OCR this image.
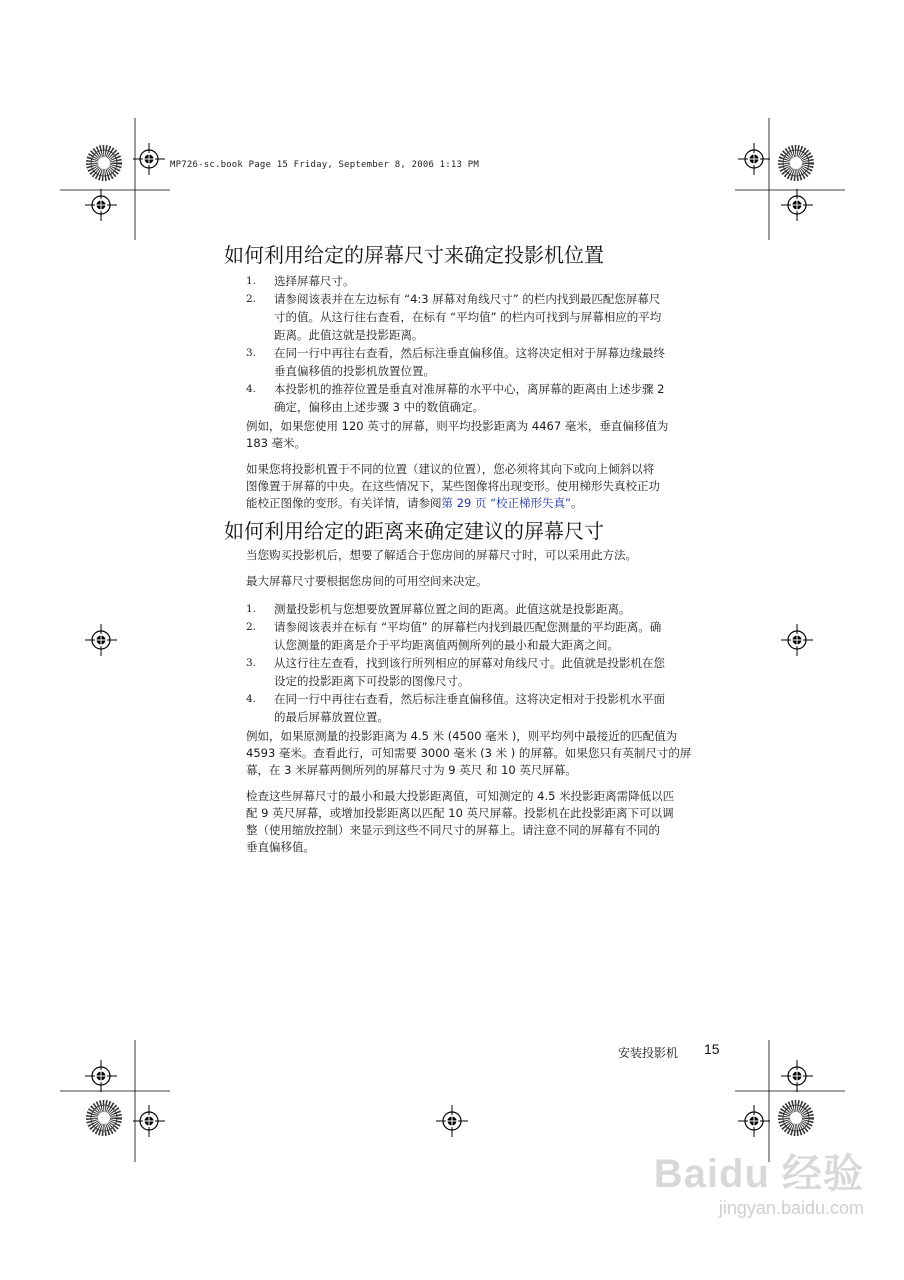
MP726-sc.book Page 15 Friday, September 8, 2006 1:13 PM
如何利用给定的屏幕尺寸来确定投影机位置
1. 选择屏幕尺寸。
2. 请参阅该表并在左边标有 “4:3 屏幕对角线尺寸” 的栏内找到最匹配您屏幕尺
寸的值。从这行往右查看，在标有 “平均值” 的栏内可找到与屏幕相应的平均
距离。此值这就是投影距离。
3. 在同一行中再往右查看，然后标注垂直偏移值。这将决定相对于屏幕边缘最终
垂直偏移值的投影机放置位置。
4. 本投影机的推荐位置是垂直对准屏幕的水平中心，离屏幕的距离由上述步骤 2
确定，偏移由上述步骤 3 中的数值确定。
例如，如果您使用 120 英寸的屏幕，则平均投影距离为 4467 毫米，垂直偏移值为
183 毫米。
如果您将投影机置于不同的位置（建议的位置），您必须将其向下或向上倾斜以将
图像置于屏幕的中央。在这些情况下，某些图像将出现变形。使用梯形失真校正功
能校正图像的变形。有关详情，请参阅第 29 页 “校正梯形失真”。
如何利用给定的距离来确定建议的屏幕尺寸
当您购买投影机后，想要了解适合于您房间的屏幕尺寸时，可以采用此方法。
最大屏幕尺寸要根据您房间的可用空间来决定。
1. 测量投影机与您想要放置屏幕位置之间的距离。此值这就是投影距离。
2. 请参阅该表并在标有 “平均值” 的屏幕栏内找到最匹配您测量的平均距离。确
认您测量的距离是介于平均距离值两侧所列的最小和最大距离之间。
3. 从这行往左查看，找到该行所列相应的屏幕对角线尺寸。此值就是投影机在您
设定的投影距离下可投影的图像尺寸。
4. 在同一行中再往右查看，然后标注垂直偏移值。这将决定相对于投影机水平面
的最后屏幕放置位置。
例如，如果原测量的投影距离为 4.5 米 (4500 毫米 )，则平均列中最接近的匹配值为
4593 毫米。查看此行，可知需要 3000 毫米 (3 米 ) 的屏幕。如果您只有英制尺寸的屏
幕，在 3 米屏幕两侧所列的屏幕尺寸为 9 英尺 和 10 英尺屏幕。
检查这些屏幕尺寸的最小和最大投影距离值，可知测定的 4.5 米投影距离需降低以匹
配 9 英尺屏幕，或增加投影距离以匹配 10 英尺屏幕。投影机在此投影距离下可以调
整（使用缩放控制）来显示到这些不同尺寸的屏幕上。请注意不同的屏幕有不同的
垂直偏移值。
安装投影机 15
Baidu 经验
jingyan.baidu.com
